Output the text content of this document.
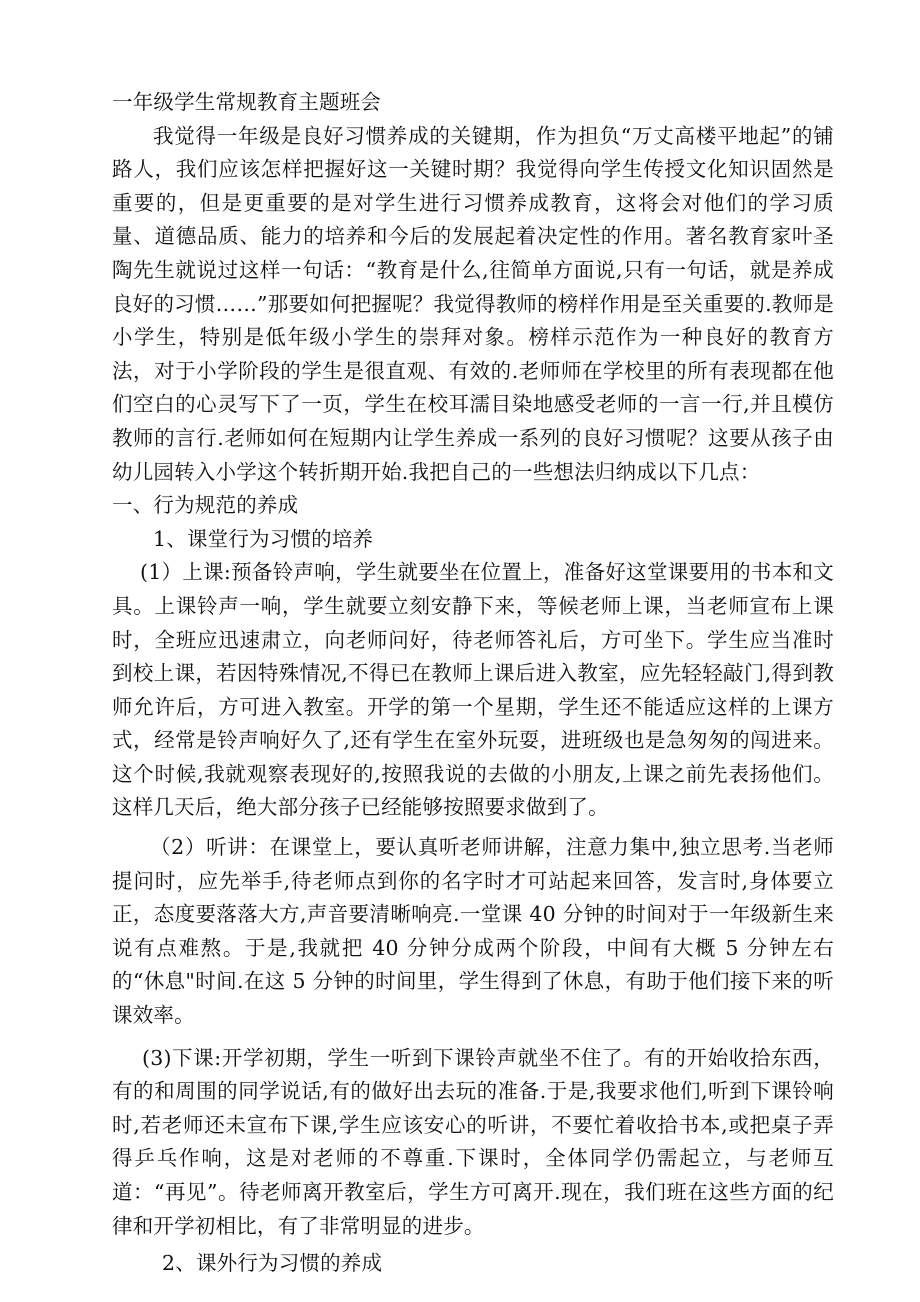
一年级学生常规教育主题班会

我觉得一年级是良好习惯养成的关键期，作为担负“万丈高楼平地起”的铺路人，我们应该怎样把握好这一关键时期？我觉得向学生传授文化知识固然是重要的，但是更重要的是对学生进行习惯养成教育，这将会对他们的学习质量、道德品质、能力的培养和今后的发展起着决定性的作用。著名教育家叶圣陶先生就说过这样一句话：“教育是什么,往简单方面说,只有一句话，就是养成良好的习惯……”那要如何把握呢？我觉得教师的榜样作用是至关重要的.教师是小学生，特别是低年级小学生的崇拜对象。榜样示范作为一种良好的教育方法，对于小学阶段的学生是很直观、有效的.老师师在学校里的所有表现都在他们空白的心灵写下了一页，学生在校耳濡目染地感受老师的一言一行,并且模仿教师的言行.老师如何在短期内让学生养成一系列的良好习惯呢？这要从孩子由幼儿园转入小学这个转折期开始.我把自己的一些想法归纳成以下几点：

一、行为规范的养成

1、课堂行为习惯的培养

(1）上课:预备铃声响，学生就要坐在位置上，准备好这堂课要用的书本和文具。上课铃声一响，学生就要立刻安静下来，等候老师上课，当老师宣布上课时，全班应迅速肃立，向老师问好，待老师答礼后，方可坐下。学生应当准时到校上课，若因特殊情况,不得已在教师上课后进入教室，应先轻轻敲门,得到教师允许后，方可进入教室。开学的第一个星期，学生还不能适应这样的上课方式，经常是铃声响好久了,还有学生在室外玩耍，进班级也是急匆匆的闯进来。这个时候,我就观察表现好的,按照我说的去做的小朋友,上课之前先表扬他们。这样几天后，绝大部分孩子已经能够按照要求做到了。

（2）听讲：在课堂上，要认真听老师讲解，注意力集中,独立思考.当老师提问时，应先举手,待老师点到你的名字时才可站起来回答，发言时,身体要立正，态度要落落大方,声音要清晰响亮.一堂课 40 分钟的时间对于一年级新生来说有点难熬。于是,我就把 40 分钟分成两个阶段，中间有大概 5 分钟左右的“休息"时间.在这 5 分钟的时间里，学生得到了休息，有助于他们接下来的听课效率。

(3)下课:开学初期，学生一听到下课铃声就坐不住了。有的开始收拾东西，有的和周围的同学说话,有的做好出去玩的准备.于是,我要求他们,听到下课铃响时,若老师还未宣布下课,学生应该安心的听讲，不要忙着收拾书本,或把桌子弄得乒乓作响，这是对老师的不尊重.下课时，全体同学仍需起立，与老师互道：“再见”。待老师离开教室后，学生方可离开.现在，我们班在这些方面的纪律和开学初相比，有了非常明显的进步。

2、课外行为习惯的养成
